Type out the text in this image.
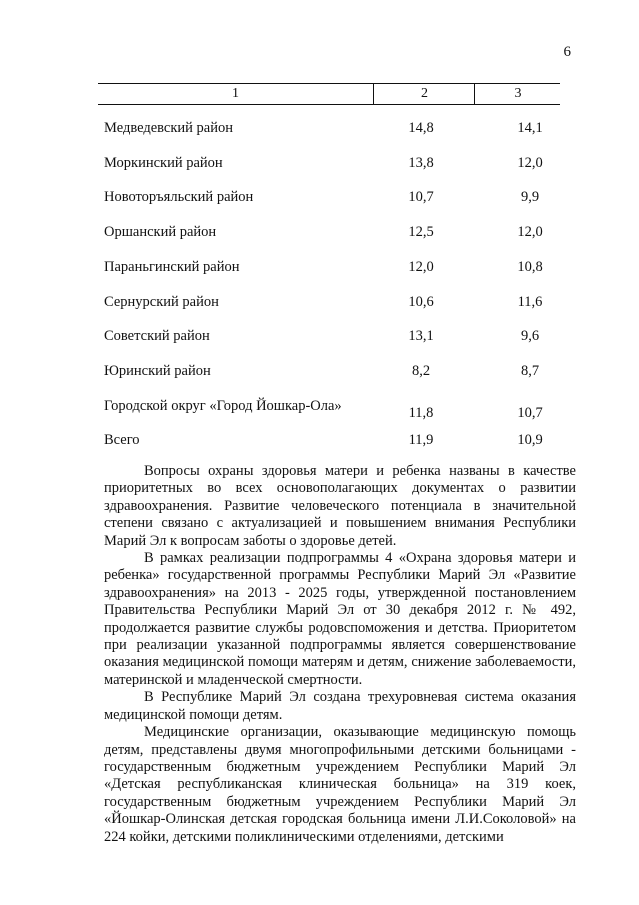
6
1	2	3
Медведевский район	14,8	14,1
Моркинский район	13,8	12,0
Новоторъяльский район	10,7	9,9
Оршанский район	12,5	12,0
Параньгинский район	12,0	10,8
Сернурский район	10,6	11,6
Советский район	13,1	9,6
Юринский район	8,2	8,7
Городской округ «Город Йошкар-Ола»	11,8	10,7
Всего	11,9	10,9

Вопросы охраны здоровья матери и ребенка названы в качестве приоритетных во всех основополагающих документах о развитии здравоохранения. Развитие человеческого потенциала в значительной степени связано с актуализацией и повышением внимания Республики Марий Эл к вопросам заботы о здоровье детей.

В рамках реализации подпрограммы 4 «Охрана здоровья матери и ребенка» государственной программы Республики Марий Эл «Развитие здравоохранения» на 2013 - 2025 годы, утвержденной постановлением Правительства Республики Марий Эл от 30 декабря 2012 г. № 492, продолжается развитие службы родовспоможения и детства. Приоритетом при реализации указанной подпрограммы является совершенствование оказания медицинской помощи матерям и детям, снижение заболеваемости, материнской и младенческой смертности.

В Республике Марий Эл создана трехуровневая система оказания медицинской помощи детям.

Медицинские организации, оказывающие медицинскую помощь детям, представлены двумя многопрофильными детскими больницами - государственным бюджетным учреждением Республики Марий Эл «Детская республиканская клиническая больница» на 319 коек, государственным бюджетным учреждением Республики Марий Эл «Йошкар-Олинская детская городская больница имени Л.И.Соколовой» на 224 койки, детскими поликлиническими отделениями, детскими
